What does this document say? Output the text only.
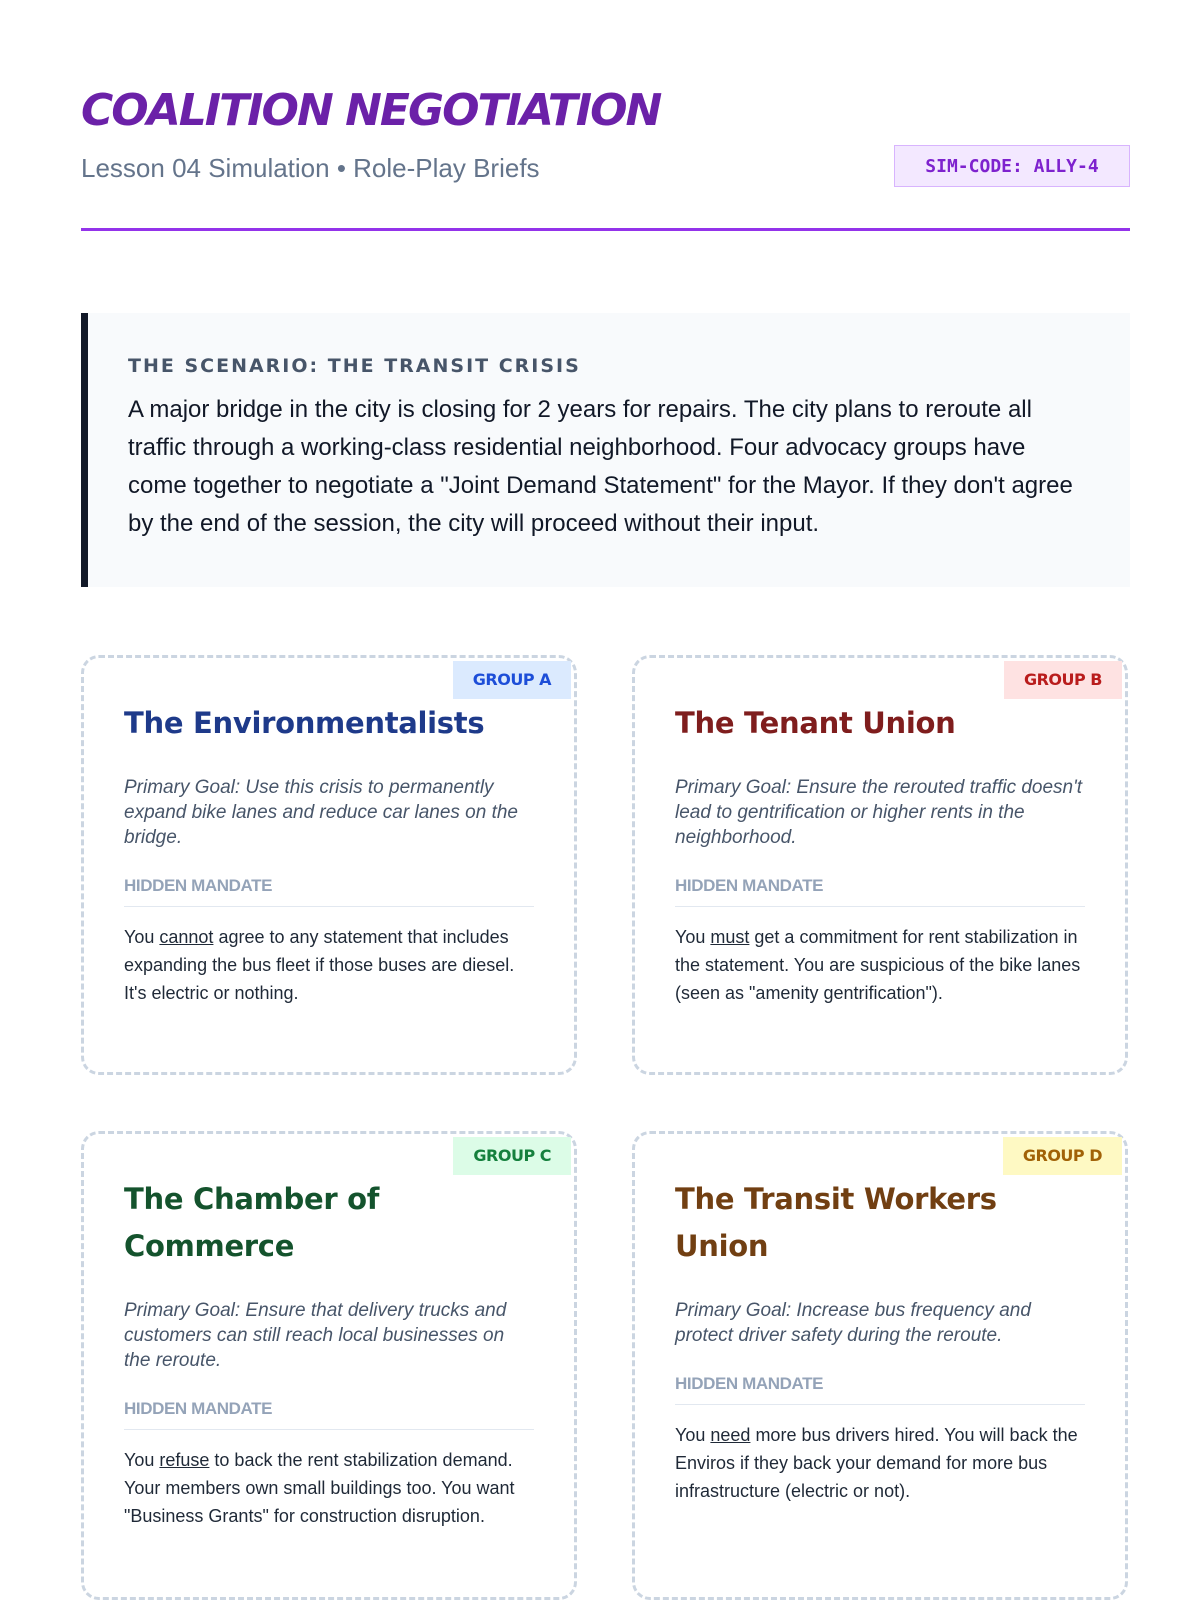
COALITION NEGOTIATION
Lesson 04 Simulation • Role-Play Briefs	SIM-CODE: ALLY-4
THE SCENARIO: THE TRANSIT CRISIS
A major bridge in the city is closing for 2 years for repairs. The city plans to reroute all traffic through a working-class residential neighborhood. Four advocacy groups have come together to negotiate a "Joint Demand Statement" for the Mayor. If they don't agree by the end of the session, the city will proceed without their input.
GROUP A
The Environmentalists
Primary Goal: Use this crisis to permanently expand bike lanes and reduce car lanes on the bridge.
HIDDEN MANDATE
You cannot agree to any statement that includes expanding the bus fleet if those buses are diesel. It's electric or nothing.
GROUP B
The Tenant Union
Primary Goal: Ensure the rerouted traffic doesn't lead to gentrification or higher rents in the neighborhood.
HIDDEN MANDATE
You must get a commitment for rent stabilization in the statement. You are suspicious of the bike lanes (seen as "amenity gentrification").
GROUP C
The Chamber of Commerce
Primary Goal: Ensure that delivery trucks and customers can still reach local businesses on the reroute.
HIDDEN MANDATE
You refuse to back the rent stabilization demand. Your members own small buildings too. You want "Business Grants" for construction disruption.
GROUP D
The Transit Workers Union
Primary Goal: Increase bus frequency and protect driver safety during the reroute.
HIDDEN MANDATE
You need more bus drivers hired. You will back the Enviros if they back your demand for more bus infrastructure (electric or not).
